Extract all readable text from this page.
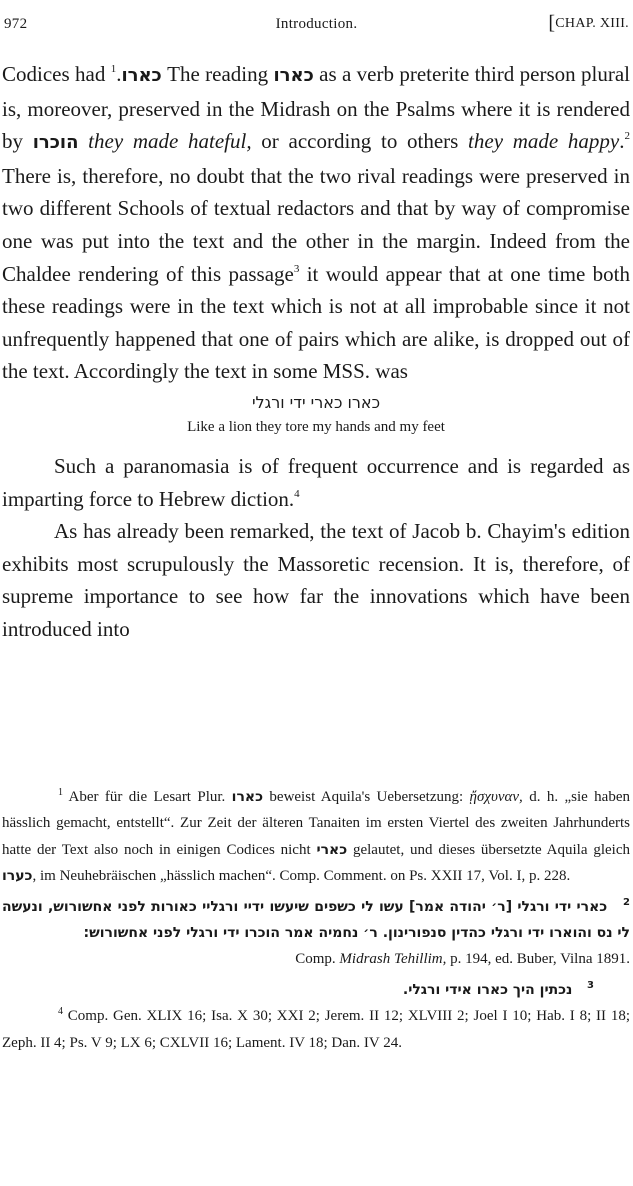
972	Introduction.	[CHAP. XIII.

Codices had כארו.$^1$ The reading כארו as a verb preterite third person plural is, moreover, preserved in the Midrash on the Psalms where it is rendered by הוכרו they made hateful, or according to others they made happy.$^2$ There is, therefore, no doubt that the two rival readings were preserved in two different Schools of textual redactors and that by way of compromise one was put into the text and the other in the margin. Indeed from the Chaldee rendering of this passage$^3$ it would appear that at one time both these readings were in the text which is not at all improbable since it not unfrequently happened that one of pairs which are alike, is dropped out of the text. Accordingly the text in some MSS. was

כארו כארי ידי ורגלי
Like a lion they tore my hands and my feet

Such a paranomasia is of frequent occurrence and is regarded as imparting force to Hebrew diction.$^4$

As has already been remarked, the text of Jacob b. Chayim's edition exhibits most scrupulously the Massoretic recension. It is, therefore, of supreme importance to see how far the innovations which have been introduced into

$^1$ Aber für die Lesart Plur. כארו beweist Aquila's Uebersetzung: ᾔσχυναν, d. h. „sie haben hässlich gemacht, entstellt“. Zur Zeit der älteren Tanaiten im ersten Viertel des zweiten Jahrhunderts hatte der Text also noch in einigen Codices nicht כארי gelautet, und dieses übersetzte Aquila gleich כערו, im Neuhebräischen „hässlich machen“. Comp. Comment. on Ps. XXII 17, Vol. I, p. 228.

$^2$   כארי ידי ורגלי [ר׳ יהודה אמר] עשו לי כשפים שיעשו ידיי ורגליי כאורות לפני אחשורוש, ונעשה לי נס והוארו ידי ורגלי כהדין סנפורינון. ר׳ נחמיה אמר הוכרו ידי ורגלי לפני אחשורוש:
Comp. Midrash Tehillim, p. 194, ed. Buber, Vilna 1891.
$^3$   נכתין היך כארו אידי ורגלי.

$^4$ Comp. Gen. XLIX 16; Isa. X 30; XXI 2; Jerem. II 12; XLVIII 2; Joel I 10; Hab. I 8; II 18; Zeph. II 4; Ps. V 9; LX 6; CXLVII 16; Lament. IV 18; Dan. IV 24.
